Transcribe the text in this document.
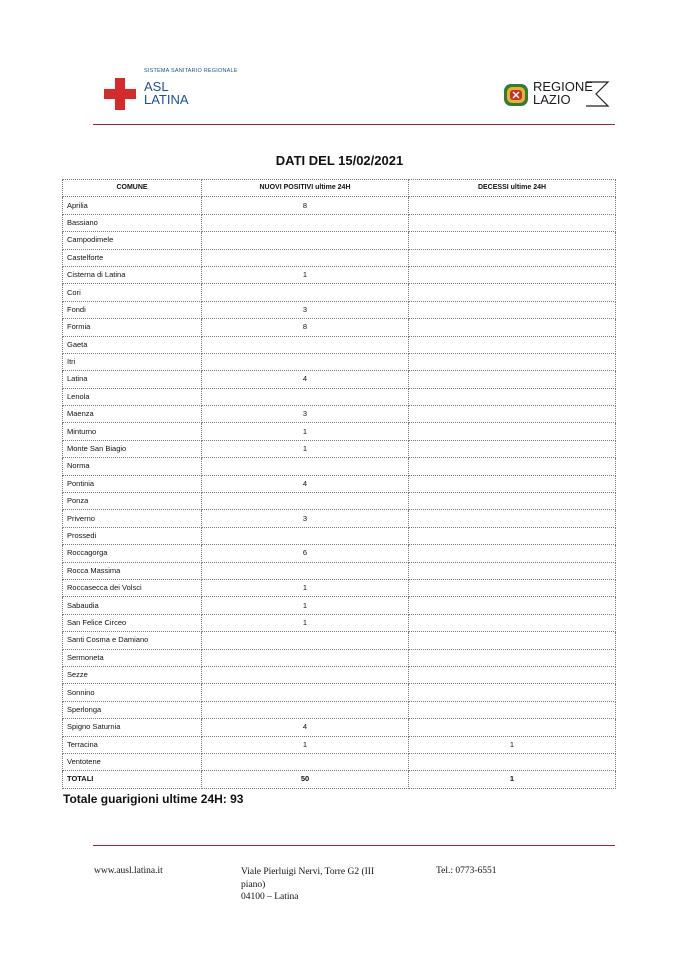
SISTEMA SANITARIO REGIONALE
ASL
LATINA
REGIONE
LAZIO
DATI DEL 15/02/2021
COMUNE	NUOVI POSITIVI ultime 24H	DECESSI ultime 24H
Aprilia	8	
Bassiano		
Campodimele		
Castelforte		
Cisterna di Latina	1	
Cori		
Fondi	3	
Formia	8	
Gaeta		
Itri		
Latina	4	
Lenola		
Maenza	3	
Minturno	1	
Monte San Biagio	1	
Norma		
Pontinia	4	
Ponza		
Priverno	3	
Prossedi		
Roccagorga	6	
Rocca Massima		
Roccasecca dei Volsci	1	
Sabaudia	1	
San Felice Circeo	1	
Santi Cosma e Damiano		
Sermoneta		
Sezze		
Sonnino		
Sperlonga		
Spigno Saturnia	4	
Terracina	1	1
Ventotene		
TOTALI	50	1
Totale guarigioni ultime 24H: 93
www.ausl.latina.it	Viale Pierluigi Nervi, Torre G2 (III
piano)
04100 – Latina
Tel.: 0773-6551
